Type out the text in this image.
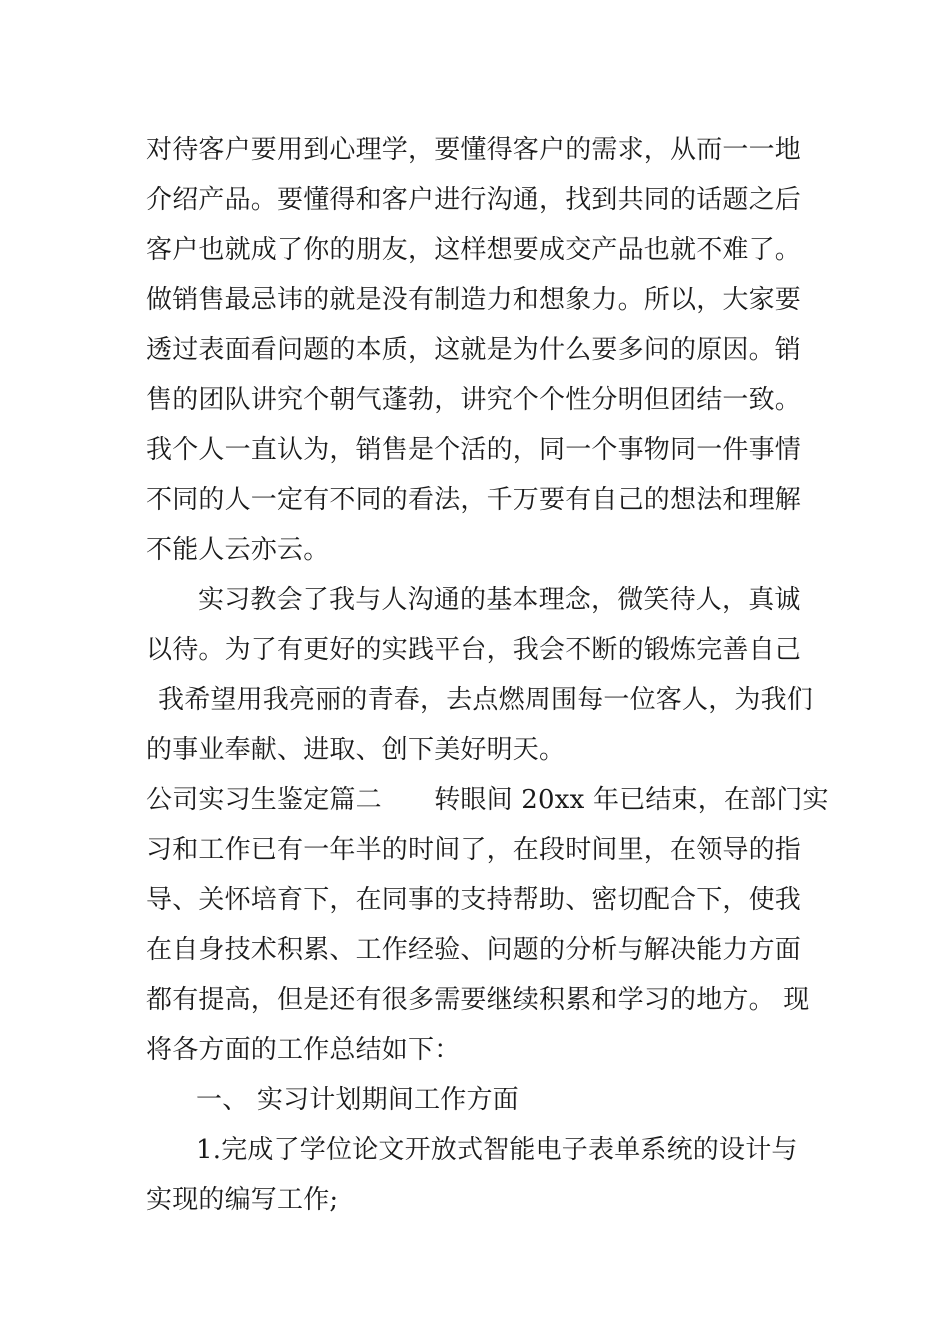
对待客户要用到心理学，要懂得客户的需求，从而一一地
介绍产品。要懂得和客户进行沟通，找到共同的话题之后
客户也就成了你的朋友，这样想要成交产品也就不难了。
做销售最忌讳的就是没有制造力和想象力。所以，大家要
透过表面看问题的本质，这就是为什么要多问的原因。销
售的团队讲究个朝气蓬勃，讲究个个性分明但团结一致。
我个人一直认为，销售是个活的，同一个事物同一件事情
不同的人一定有不同的看法，千万要有自己的想法和理解
不能人云亦云。
实习教会了我与人沟通的基本理念，微笑待人，真诚
以待。为了有更好的实践平台，我会不断的锻炼完善自己
我希望用我亮丽的青春，去点燃周围每一位客人，为我们
的事业奉献、进取、创下美好明天。
公司实习生鉴定篇二　　转眼间 20xx 年已结束，在部门实
习和工作已有一年半的时间了，在段时间里，在领导的指
导、关怀培育下，在同事的支持帮助、密切配合下，使我
在自身技术积累、工作经验、问题的分析与解决能力方面
都有提高，但是还有很多需要继续积累和学习的地方。 现
将各方面的工作总结如下：
一、 实习计划期间工作方面
1.完成了学位论文开放式智能电子表单系统的设计与
实现的编写工作;
